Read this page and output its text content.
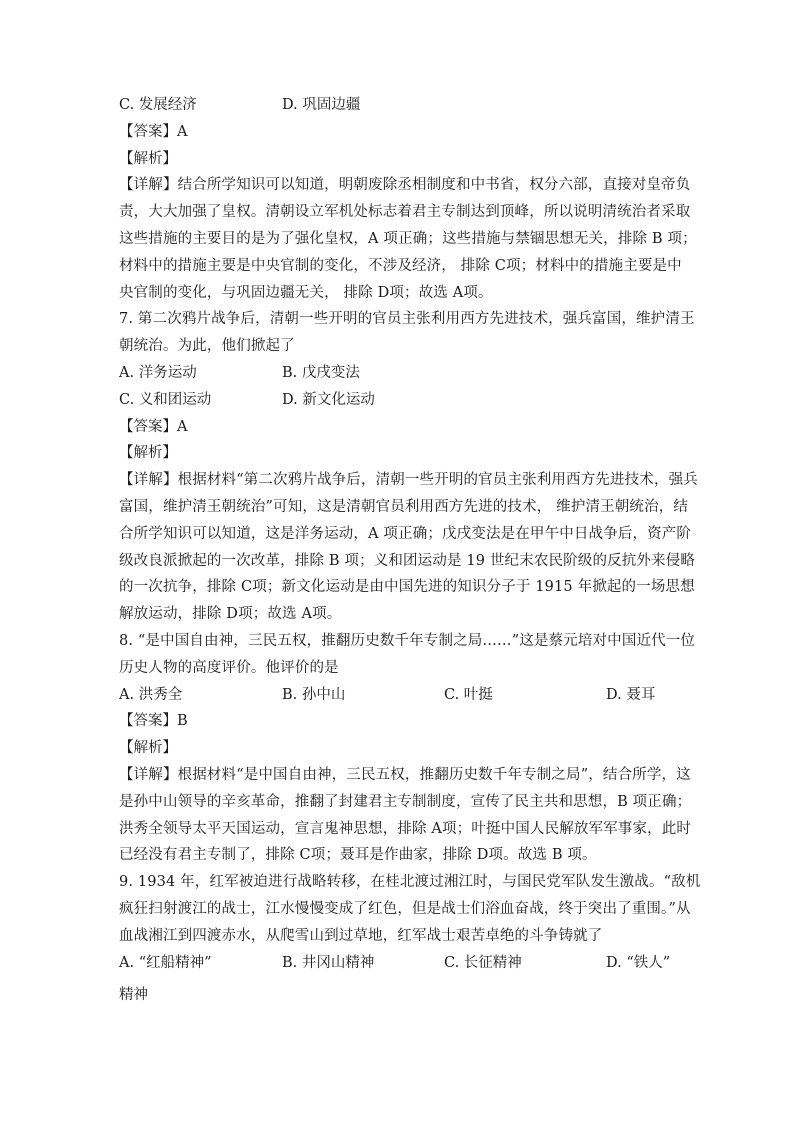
C. 发展经济	D. 巩固边疆
【答案】A
【解析】
【详解】结合所学知识可以知道，明朝废除丞相制度和中书省，权分六部，直接对皇帝负
责，大大加强了皇权。清朝设立军机处标志着君主专制达到顶峰，所以说明清统治者采取
这些措施的主要目的是为了强化皇权，A 项正确；这些措施与禁锢思想无关，排除 B 项；
材料中的措施主要是中央官制的变化，不涉及经济， 排除 C项；材料中的措施主要是中
央官制的变化，与巩固边疆无关， 排除 D项；故选 A项。
7. 第二次鸦片战争后，清朝一些开明的官员主张利用西方先进技术，强兵富国，维护清王
朝统治。为此，他们掀起了
A. 洋务运动	B. 戊戌变法
C. 义和团运动	D. 新文化运动
【答案】A
【解析】
【详解】根据材料“第二次鸦片战争后，清朝一些开明的官员主张利用西方先进技术，强兵
富国，维护清王朝统治”可知，这是清朝官员利用西方先进的技术， 维护清王朝统治，结
合所学知识可以知道，这是洋务运动，A 项正确；戊戌变法是在甲午中日战争后，资产阶
级改良派掀起的一次改革，排除 B 项；义和团运动是 19 世纪末农民阶级的反抗外来侵略
的一次抗争，排除 C项；新文化运动是由中国先进的知识分子于 1915 年掀起的一场思想
解放运动，排除 D项；故选 A项。
8. “是中国自由神，三民五权，推翻历史数千年专制之局……”这是蔡元培对中国近代一位
历史人物的高度评价。他评价的是
A. 洪秀全	B. 孙中山	C. 叶挺	D. 聂耳
【答案】B
【解析】
【详解】根据材料“是中国自由神，三民五权，推翻历史数千年专制之局”，结合所学，这
是孙中山领导的辛亥革命，推翻了封建君主专制制度，宣传了民主共和思想，B 项正确；
洪秀全领导太平天国运动，宣言鬼神思想，排除 A项；叶挺中国人民解放军军事家，此时
已经没有君主专制了，排除 C项；聂耳是作曲家，排除 D项。故选 B 项。
9. 1934 年，红军被迫进行战略转移，在桂北渡过湘江时，与国民党军队发生激战。“敌机
疯狂扫射渡江的战士，江水慢慢变成了红色，但是战士们浴血奋战，终于突出了重围。”从
血战湘江到四渡赤水，从爬雪山到过草地，红军战士艰苦卓绝的斗争铸就了
A. “红船精神”	B. 井冈山精神	C. 长征精神	D. “铁人”
精神
